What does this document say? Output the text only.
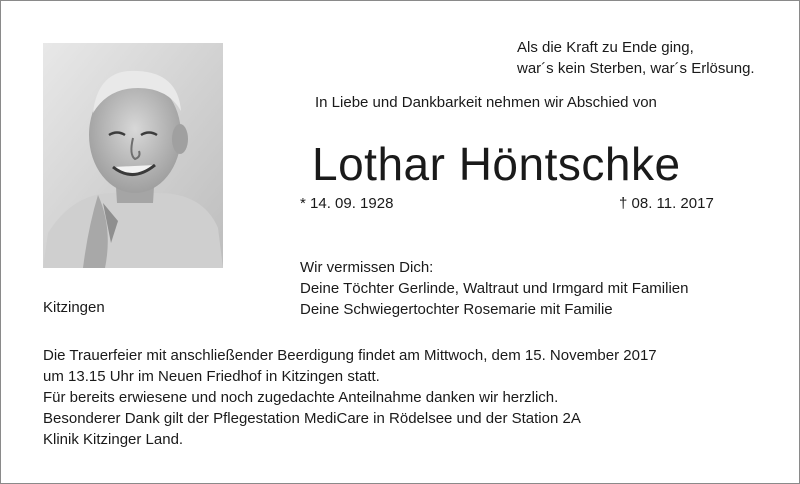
Als die Kraft zu Ende ging,
war´s kein Sterben, war´s Erlösung.
In Liebe und Dankbarkeit nehmen wir Abschied von
Lothar Höntschke
* 14. 09. 1928	† 08. 11. 2017
Wir vermissen Dich:
Deine Töchter Gerlinde, Waltraut und Irmgard mit Familien
Deine Schwiegertochter Rosemarie mit Familie
Kitzingen
Die Trauerfeier mit anschließender Beerdigung findet am Mittwoch, dem 15. November 2017
um 13.15 Uhr im Neuen Friedhof in Kitzingen statt.
Für bereits erwiesene und noch zugedachte Anteilnahme danken wir herzlich.
Besonderer Dank gilt der Pflegestation MediCare in Rödelsee und der Station 2A
Klinik Kitzinger Land.
